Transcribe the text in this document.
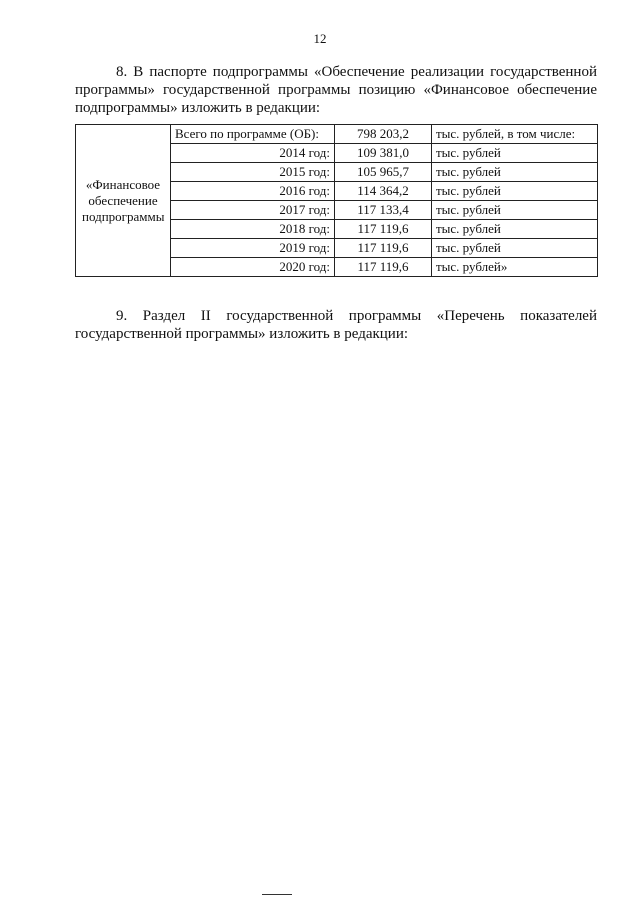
12

8. В паспорте подпрограммы «Обеспечение реализации государственной программы» государственной программы позицию «Финансовое обеспечение подпрограммы» изложить в редакции:

«Финансовое обеспечение подпрограммы	Всего по программе (ОБ):	798 203,2	тыс. рублей, в том числе:
	2014 год:	109 381,0	тыс. рублей
	2015 год:	105 965,7	тыс. рублей
	2016 год:	114 364,2	тыс. рублей
	2017 год:	117 133,4	тыс. рублей
	2018 год:	117 119,6	тыс. рублей
	2019 год:	117 119,6	тыс. рублей
	2020 год:	117 119,6	тыс. рублей»

9. Раздел II государственной программы «Перечень показателей государственной программы» изложить в редакции:
